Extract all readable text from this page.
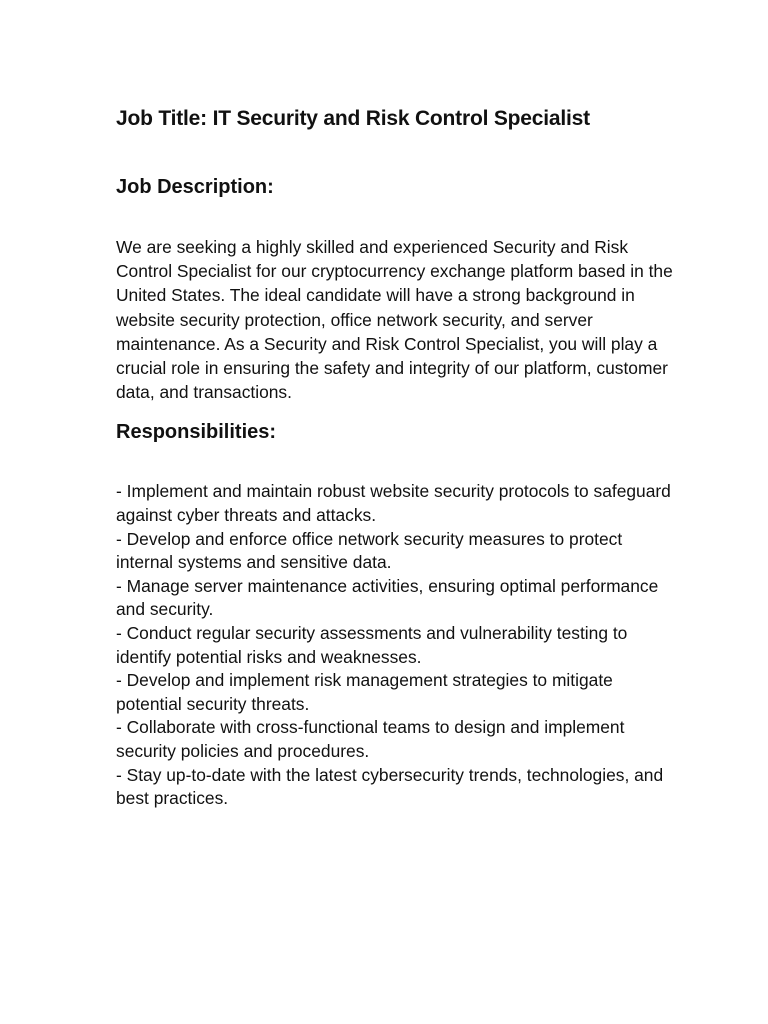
Job Title: IT Security and Risk Control Specialist
Job Description:

We are seeking a highly skilled and experienced Security and Risk Control Specialist for our cryptocurrency exchange platform based in the United States. The ideal candidate will have a strong background in website security protection, office network security, and server maintenance. As a Security and Risk Control Specialist, you will play a crucial role in ensuring the safety and integrity of our platform, customer data, and transactions.

Responsibilities:
- Implement and maintain robust website security protocols to safeguard against cyber threats and attacks.
- Develop and enforce office network security measures to protect internal systems and sensitive data.
- Manage server maintenance activities, ensuring optimal performance and security.
- Conduct regular security assessments and vulnerability testing to identify potential risks and weaknesses.
- Develop and implement risk management strategies to mitigate potential security threats.
- Collaborate with cross-functional teams to design and implement security policies and procedures.
- Stay up-to-date with the latest cybersecurity trends, technologies, and best practices.
